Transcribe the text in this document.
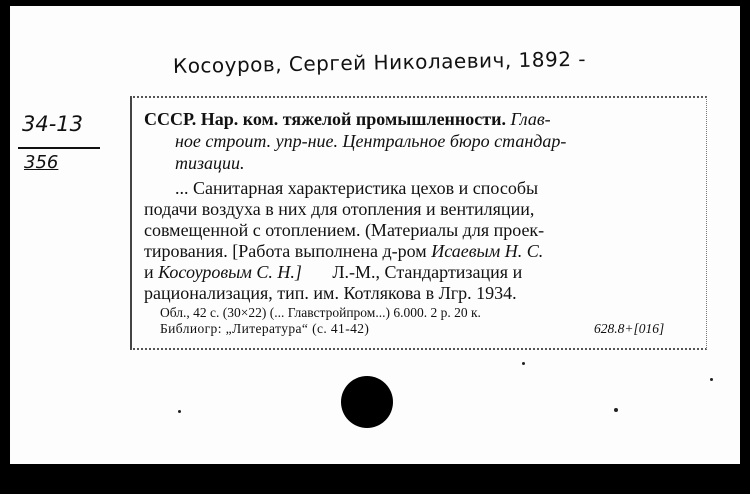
Косоуров, Сергей Николаевич, 1892 -
34-13
356
СССР. Нар. ком. тяжелой промышленности. Глав-
ное строит. упр-ние. Центральное бюро стандар-
тизации.
... Санитарная характеристика цехов и способы
подачи воздуха в них для отопления и вентиляции,
совмещенной с отоплением. (Материалы для проек-
тирования. [Работа выполнена д-ром Исаевым Н. С.
и Косоуровым С. Н.] Л.-М., Стандартизация и
рационализация, тип. им. Котлякова в Лгр. 1934.
Обл., 42 с. (30×22) (... Главстройпром...) 6.000. 2 р. 20 к.
Библиогр: „Литература“ (с. 41-42)	628.8+[016]
